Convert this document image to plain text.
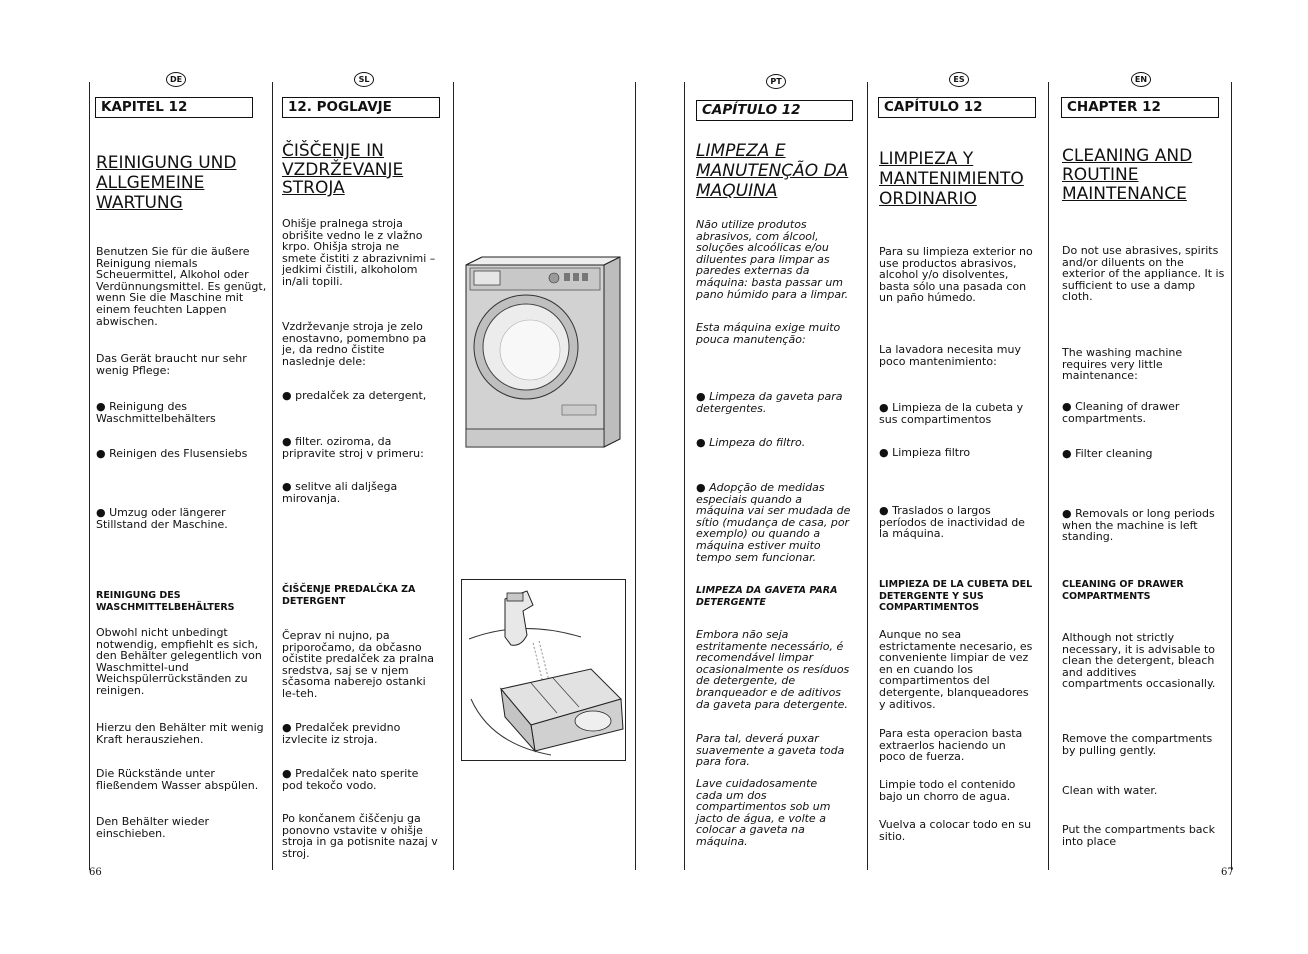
DE
KAPITEL 12
REINIGUNG UND
ALLGEMEINE
WARTUNG
Benutzen Sie für die äußere
Reinigung niemals
Scheuermittel, Alkohol oder
Verdünnungsmittel. Es genügt,
wenn Sie die Maschine mit
einem feuchten Lappen
abwischen.
Das Gerät braucht nur sehr
wenig Pflege:
● Reinigung des
Waschmittelbehälters
● Reinigen des Flusensiebs
● Umzug oder längerer
Stillstand der Maschine.
REINIGUNG DES
WASCHMITTELBEHÄLTERS
Obwohl nicht unbedingt
notwendig, empfiehlt es sich,
den Behälter gelegentlich von
Waschmittel-und
Weichspülerrückständen zu
reinigen.
Hierzu den Behälter mit wenig
Kraft herausziehen.
Die Rückstände unter
fließendem Wasser abspülen.
Den Behälter wieder
einschieben.
66
SL
12. POGLAVJE
ČIŠČENJE IN
VZDRŽEVANJE
STROJA
Ohišje pralnega stroja
obrišite vedno le z vlažno
krpo. Ohišja stroja ne
smete čistiti z abrazivnimi –
jedkimi čistili, alkoholom
in/ali topili.
Vzdrževanje stroja je zelo
enostavno, pomembno pa
je, da redno čistite
naslednje dele:
● predalček za detergent,
● filter. oziroma, da
pripravite stroj v primeru:
● selitve ali daljšega
mirovanja.
ČIŠČENJE PREDALČKA ZA
DETERGENT
Čeprav ni nujno, pa
priporočamo, da občasno
očistite predalček za pralna
sredstva, saj se v njem
sčasoma naberejo ostanki
le-teh.
● Predalček previdno
izvlecite iz stroja.
● Predalček nato sperite
pod tekočo vodo.
Po končanem čiščenju ga
ponovno vstavite v ohišje
stroja in ga potisnite nazaj v
stroj.
PT
CAPÍTULO 12
LIMPEZA E
MANUTENÇÃO DA
MAQUINA
Não utilize produtos
abrasivos, com álcool,
soluções alcoólicas e/ou
diluentes para limpar as
paredes externas da
máquina: basta passar um
pano húmido para a limpar.
Esta máquina exige muito
pouca manutenção:
● Limpeza da gaveta para
detergentes.
● Limpeza do filtro.
● Adopção de medidas
especiais quando a
máquina vai ser mudada de
sítio (mudança de casa, por
exemplo) ou quando a
máquina estiver muito
tempo sem funcionar.
LIMPEZA DA GAVETA PARA
DETERGENTE
Embora não seja
estritamente necessário, é
recomendável limpar
ocasionalmente os resíduos
de detergente, de
branqueador e de aditivos
da gaveta para detergente.
Para tal, deverá puxar
suavemente a gaveta toda
para fora.
Lave cuidadosamente
cada um dos
compartimentos sob um
jacto de água, e volte a
colocar a gaveta na
máquina.
ES
CAPÍTULO 12
LIMPIEZA Y
MANTENIMIENTO
ORDINARIO
Para su limpieza exterior no
use productos abrasivos,
alcohol y/o disolventes,
basta sólo una pasada con
un paño húmedo.
La lavadora necesita muy
poco mantenimiento:
● Limpieza de la cubeta y
sus compartimentos
● Limpieza filtro
● Traslados o largos
períodos de inactividad de
la máquina.
LIMPIEZA DE LA CUBETA DEL
DETERGENTE Y SUS
COMPARTIMENTOS
Aunque no sea
estrictamente necesario, es
conveniente limpiar de vez
en en cuando los
compartimentos del
detergente, blanqueadores
y aditivos.
Para esta operacion basta
extraerlos haciendo un
poco de fuerza.
Limpie todo el contenido
bajo un chorro de agua.
Vuelva a colocar todo en su
sitio.
EN
CHAPTER 12
CLEANING AND
ROUTINE
MAINTENANCE
Do not use abrasives, spirits
and/or diluents on the
exterior of the appliance. It is
sufficient to use a damp
cloth.
The washing machine
requires very little
maintenance:
● Cleaning of drawer
compartments.
● Filter cleaning
● Removals or long periods
when the machine is left
standing.
CLEANING OF DRAWER
COMPARTMENTS
Although not strictly
necessary, it is advisable to
clean the detergent, bleach
and additives
compartments occasionally.
Remove the compartments
by pulling gently.
Clean with water.
Put the compartments back
into place
67
